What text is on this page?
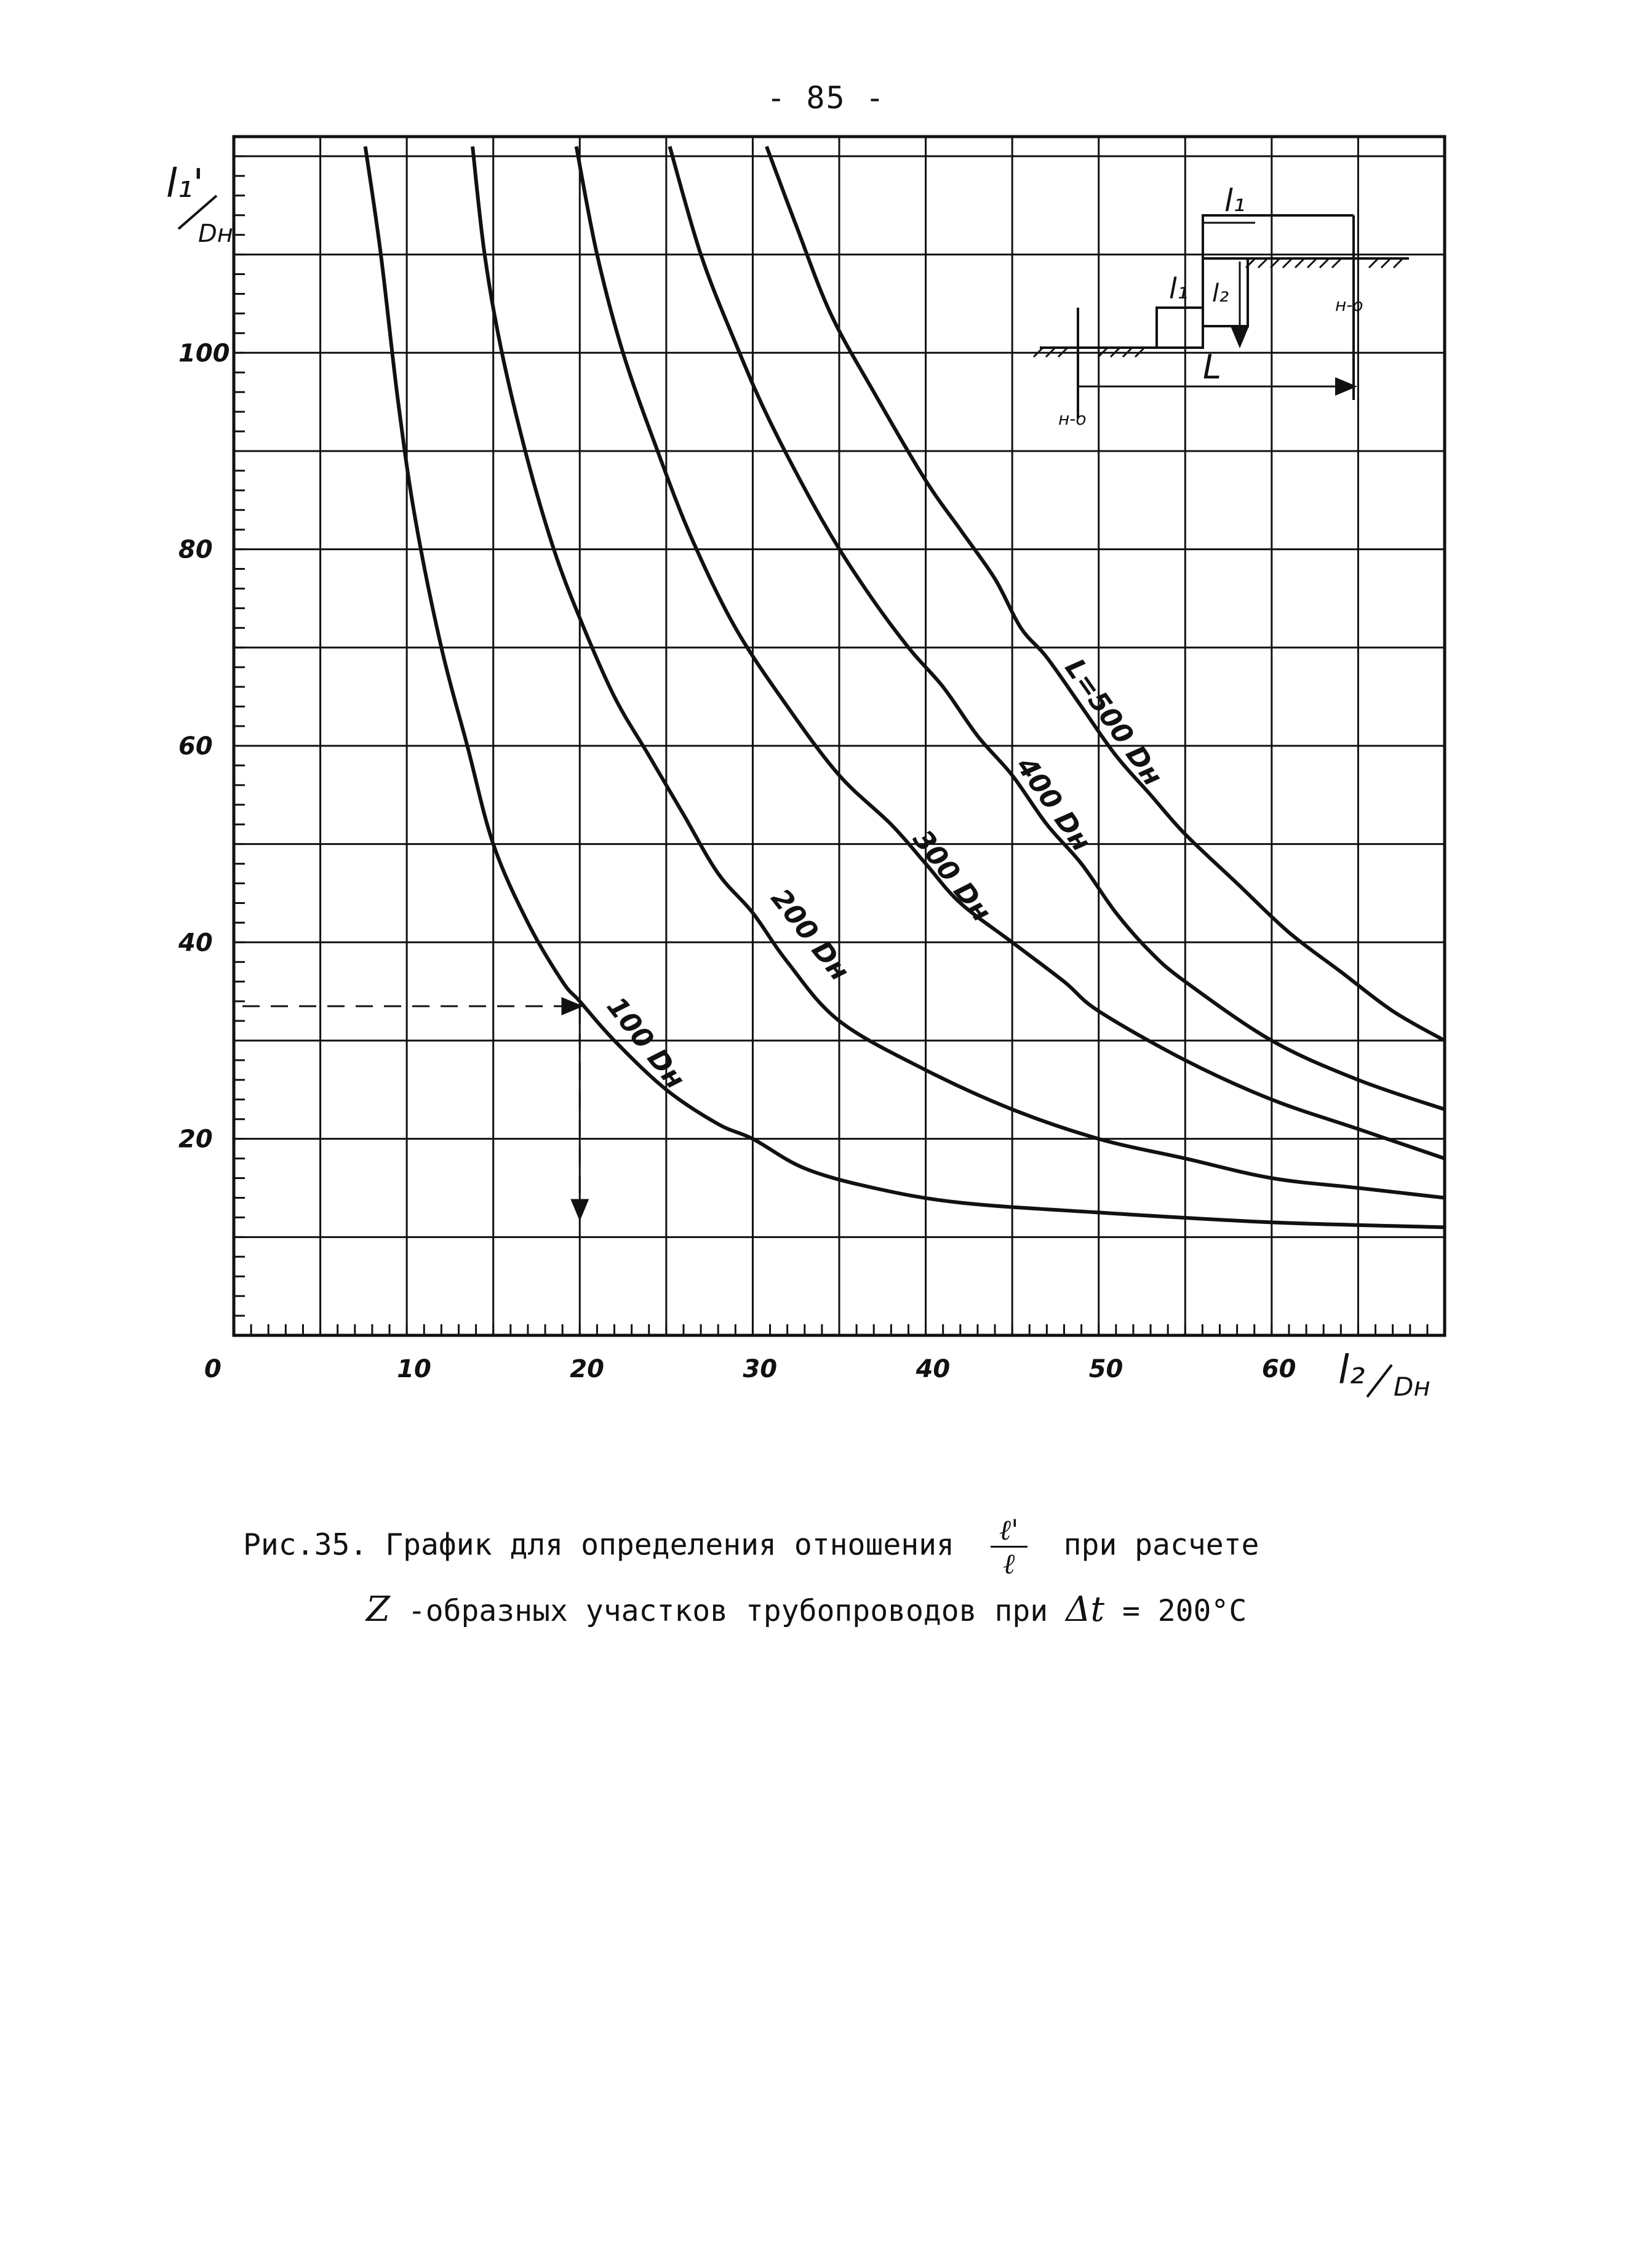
- 85 -
0	10	20	30	40	50	60
20
40
60
80
100
100 Dн
200 Dн
300 Dн
400 Dн
L=500 Dн
l₁'
Dн
l₂ Dн
l₁
l₁ l₂
L
н-о
н-о
Рис.35. График для определения отношения $\frac{\text{ℓ'}}{\text{ℓ}}$ при расчете
Z -образных участков трубопроводов при Δt = 200°C
